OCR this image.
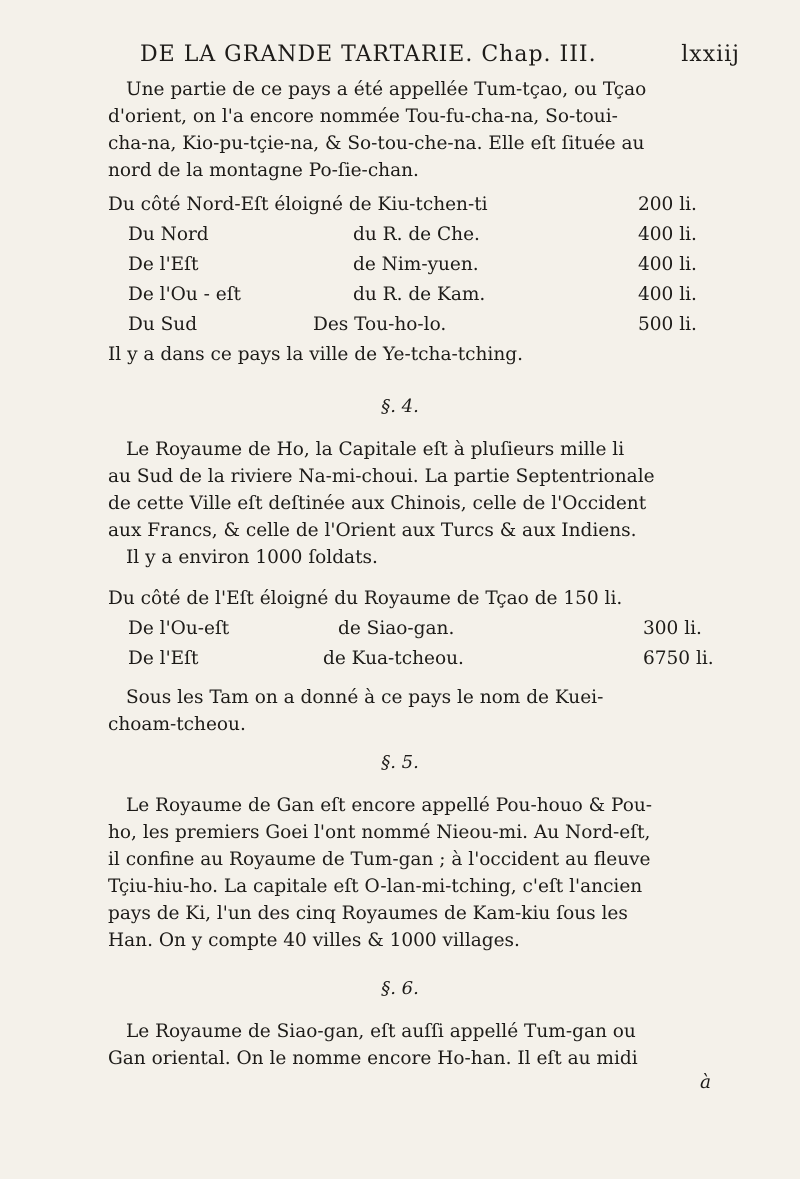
DE LA GRANDE TARTARIE. Chap. III.	lxxiij
Une partie de ce pays a été appellée Tum-tçao, ou Tçao
d'orient, on l'a encore nommée Tou-fu-cha-na, So-toui-
cha-na, Kio-pu-tçie-na, & So-tou-che-na. Elle eſt ſituée au
nord de la montagne Po-ſie-chan.
Du côté Nord-Eſt éloigné de Kiu-tchen-ti	200 li.
Du Nord	du R. de Che.	400 li.
De l'Eſt	de Nim-yuen.	400 li.
De l'Ou - eſt	du R. de Kam.	400 li.
Du Sud	Des Tou-ho-lo.	500 li.
Il y a dans ce pays la ville de Ye-tcha-tching.
§. 4.
Le Royaume de Ho, la Capitale eſt à pluſieurs mille li
au Sud de la riviere Na-mi-choui. La partie Septentrionale
de cette Ville eſt deſtinée aux Chinois, celle de l'Occident
aux Francs, & celle de l'Orient aux Turcs & aux Indiens.
Il y a environ 1000 ſoldats.
Du côté de l'Eſt éloigné du Royaume de Tçao de 150 li.
De l'Ou-eſt	de Siao-gan.	300 li.
De l'Eſt	de Kua-tcheou.	6750 li.
Sous les Tam on a donné à ce pays le nom de Kuei-
choam-tcheou.
§. 5.
Le Royaume de Gan eſt encore appellé Pou-houo & Pou-
ho, les premiers Goei l'ont nommé Nieou-mi. Au Nord-eſt,
il confine au Royaume de Tum-gan ; à l'occident au fleuve
Tçiu-hiu-ho. La capitale eſt O-lan-mi-tching, c'eſt l'ancien
pays de Ki, l'un des cinq Royaumes de Kam-kiu ſous les
Han. On y compte 40 villes & 1000 villages.
§. 6.
Le Royaume de Siao-gan, eſt auſſi appellé Tum-gan ou
Gan oriental. On le nomme encore Ho-han. Il eſt au midi
à
